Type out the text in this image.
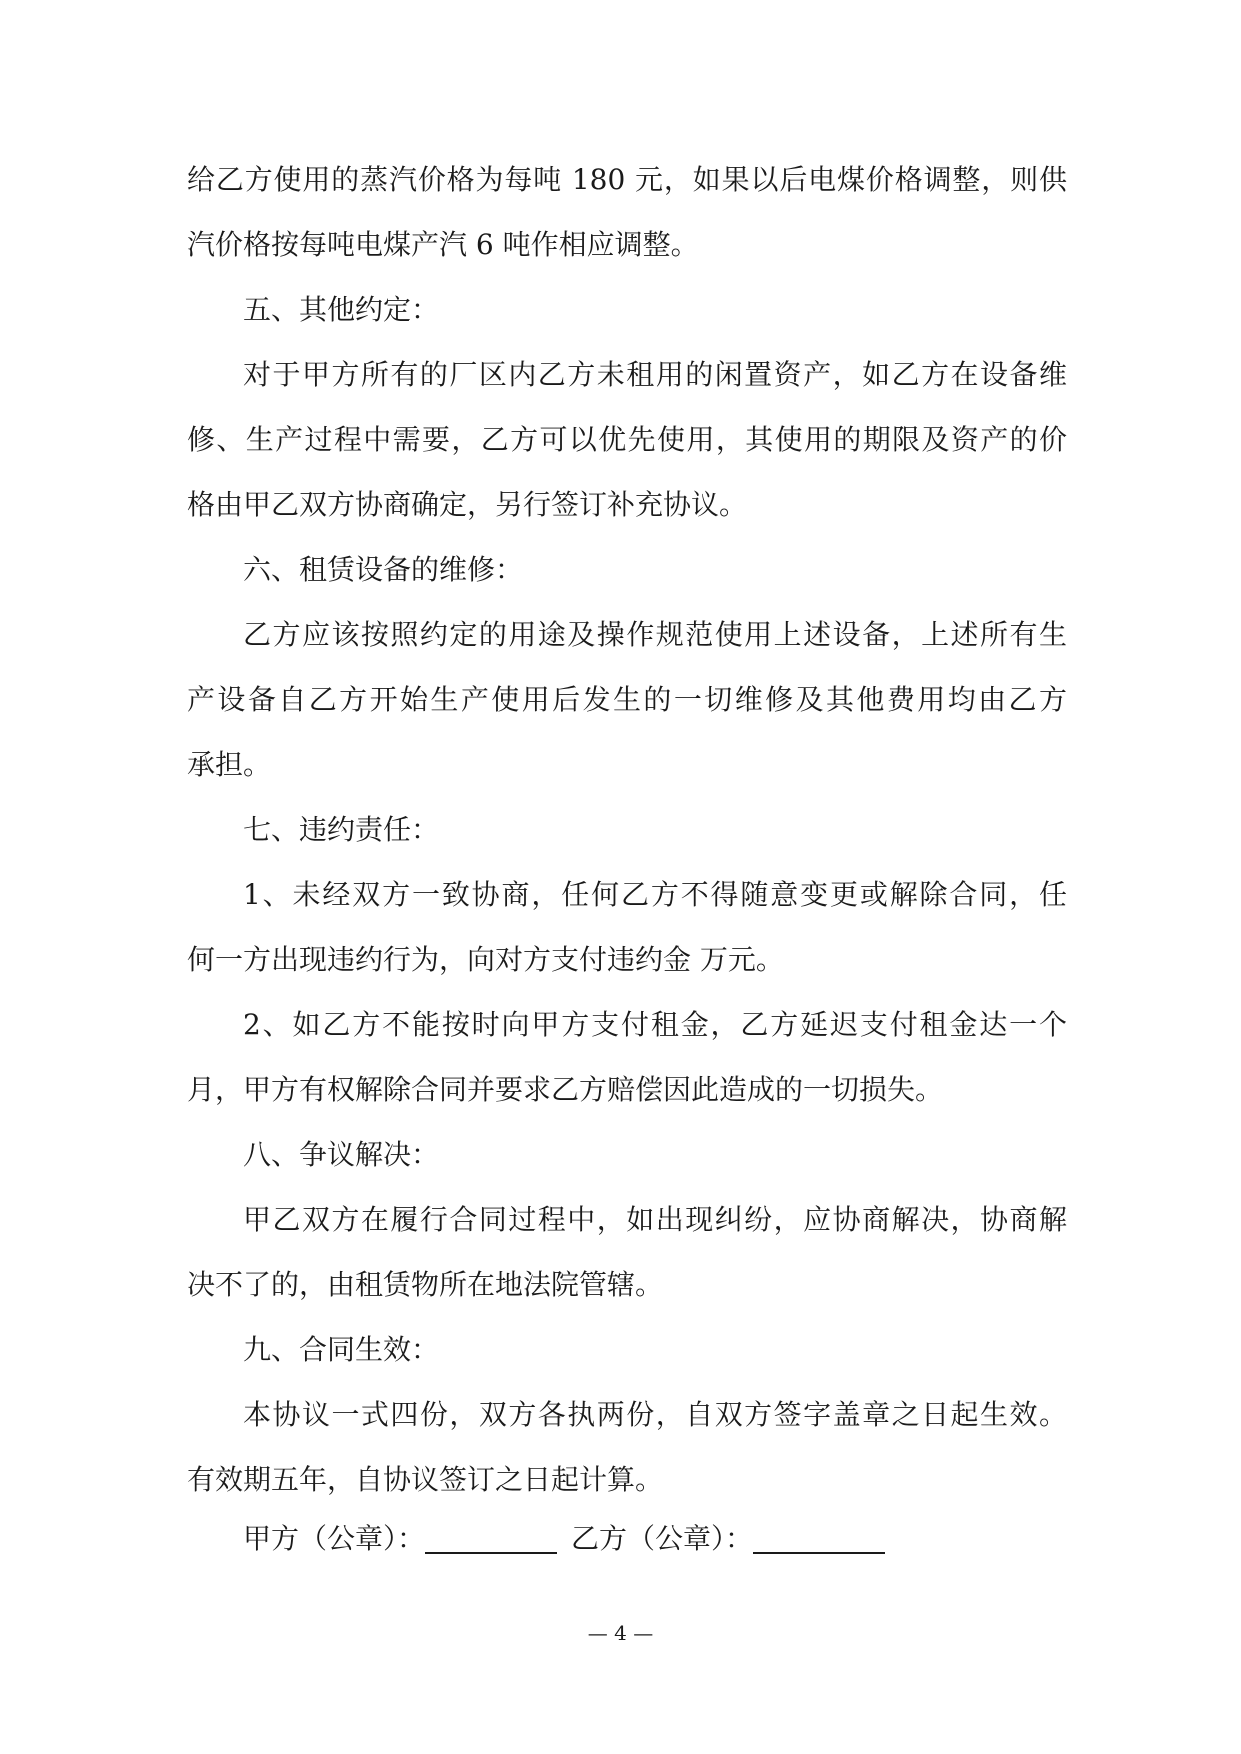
给乙方使用的蒸汽价格为每吨 180 元，如果以后电煤价格调整，则供
汽价格按每吨电煤产汽 6 吨作相应调整。
五、其他约定：
对于甲方所有的厂区内乙方未租用的闲置资产，如乙方在设备维
修、生产过程中需要，乙方可以优先使用，其使用的期限及资产的价
格由甲乙双方协商确定，另行签订补充协议。
六、租赁设备的维修：
乙方应该按照约定的用途及操作规范使用上述设备，上述所有生
产设备自乙方开始生产使用后发生的一切维修及其他费用均由乙方
承担。
七、违约责任：
1、未经双方一致协商，任何乙方不得随意变更或解除合同，任
何一方出现违约行为，向对方支付违约金 万元。
2、如乙方不能按时向甲方支付租金，乙方延迟支付租金达一个
月，甲方有权解除合同并要求乙方赔偿因此造成的一切损失。
八、争议解决：
甲乙双方在履行合同过程中，如出现纠纷，应协商解决，协商解
决不了的，由租赁物所在地法院管辖。
九、合同生效：
本协议一式四份，双方各执两份，自双方签字盖章之日起生效。
有效期五年，自协议签订之日起计算。
甲方（公章）：	乙方（公章）：
— 4 —
